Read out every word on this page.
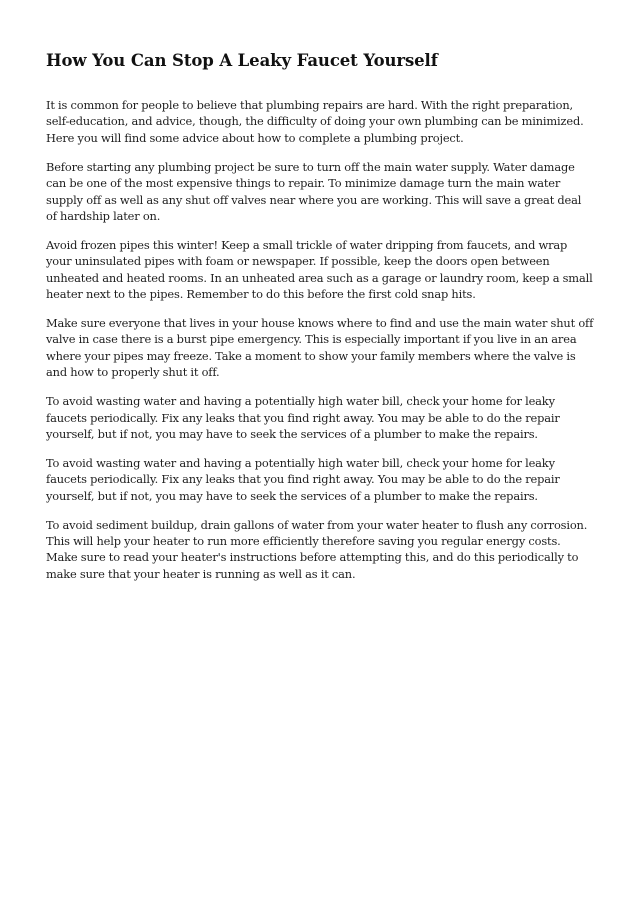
How You Can Stop A Leaky Faucet Yourself

It is common for people to believe that plumbing repairs are hard. With the right preparation, self-education, and advice, though, the difficulty of doing your own plumbing can be minimized. Here you will find some advice about how to complete a plumbing project.

Before starting any plumbing project be sure to turn off the main water supply. Water damage can be one of the most expensive things to repair. To minimize damage turn the main water supply off as well as any shut off valves near where you are working. This will save a great deal of hardship later on.

Avoid frozen pipes this winter! Keep a small trickle of water dripping from faucets, and wrap your uninsulated pipes with foam or newspaper. If possible, keep the doors open between unheated and heated rooms. In an unheated area such as a garage or laundry room, keep a small heater next to the pipes. Remember to do this before the first cold snap hits.

Make sure everyone that lives in your house knows where to find and use the main water shut off valve in case there is a burst pipe emergency. This is especially important if you live in an area where your pipes may freeze. Take a moment to show your family members where the valve is and how to properly shut it off.

To avoid wasting water and having a potentially high water bill, check your home for leaky faucets periodically. Fix any leaks that you find right away. You may be able to do the repair yourself, but if not, you may have to seek the services of a plumber to make the repairs.

To avoid wasting water and having a potentially high water bill, check your home for leaky faucets periodically. Fix any leaks that you find right away. You may be able to do the repair yourself, but if not, you may have to seek the services of a plumber to make the repairs.

To avoid sediment buildup, drain gallons of water from your water heater to flush any corrosion. This will help your heater to run more efficiently therefore saving you regular energy costs. Make sure to read your heater's instructions before attempting this, and do this periodically to make sure that your heater is running as well as it can.
